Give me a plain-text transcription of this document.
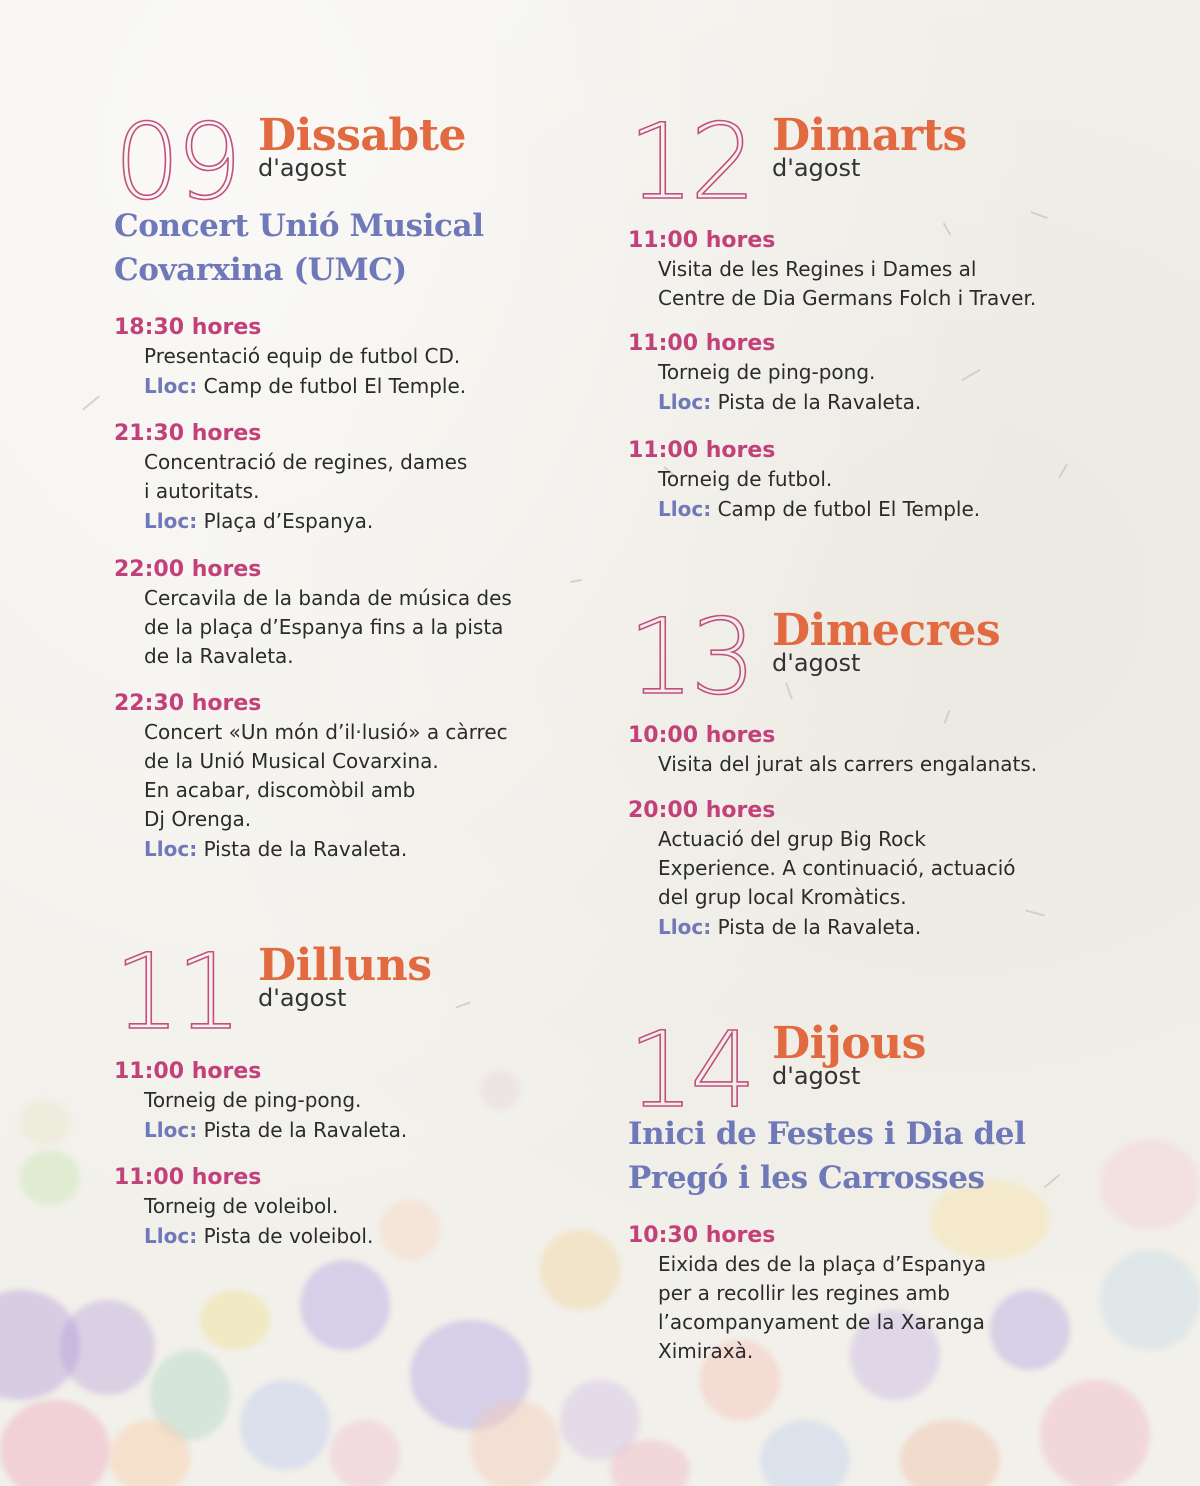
09 Dissabte
d'agost
Concert Unió Musical
Covarxina (UMC)
18:30 hores
Presentació equip de futbol CD.
Lloc: Camp de futbol El Temple.
21:30 hores
Concentració de regines, dames
i autoritats.
Lloc: Plaça d’Espanya.
22:00 hores
Cercavila de la banda de música des
de la plaça d’Espanya fins a la pista
de la Ravaleta.
22:30 hores
Concert «Un món d’il·lusió» a càrrec
de la Unió Musical Covarxina.
En acabar, discomòbil amb
Dj Orenga.
Lloc: Pista de la Ravaleta.
11 Dilluns
d'agost
11:00 hores
Torneig de ping-pong.
Lloc: Pista de la Ravaleta.
11:00 hores
Torneig de voleibol.
Lloc: Pista de voleibol.
12 Dimarts
d'agost
11:00 hores
Visita de les Regines i Dames al
Centre de Dia Germans Folch i Traver.
11:00 hores
Torneig de ping-pong.
Lloc: Pista de la Ravaleta.
11:00 hores
Torneig de futbol.
Lloc: Camp de futbol El Temple.
13 Dimecres
d'agost
10:00 hores
Visita del jurat als carrers engalanats.
20:00 hores
Actuació del grup Big Rock
Experience. A continuació, actuació
del grup local Kromàtics.
Lloc: Pista de la Ravaleta.
14 Dijous
d'agost
Inici de Festes i Dia del
Pregó i les Carrosses
10:30 hores
Eixida des de la plaça d’Espanya
per a recollir les regines amb
l’acompanyament de la Xaranga
Ximiraxà.
